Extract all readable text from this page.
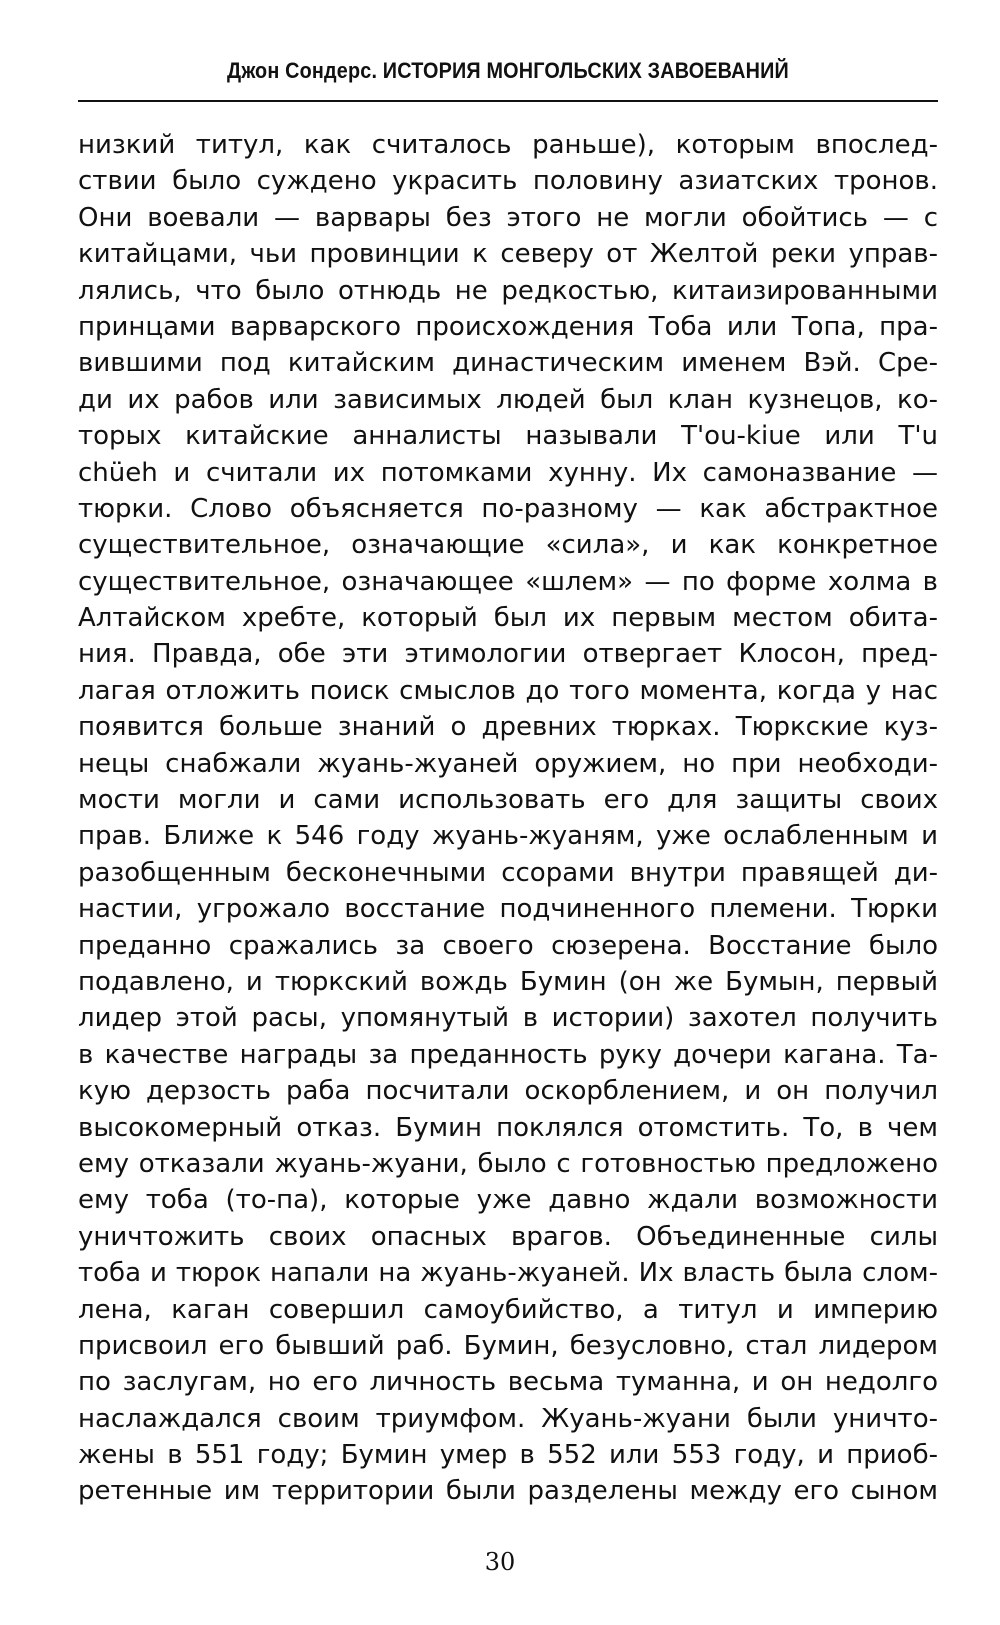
Джон Сондерс. ИСТОРИЯ МОНГОЛЬСКИХ ЗАВОЕВАНИЙ
низкий титул, как считалось раньше), которым впослед-
ствии было суждено украсить половину азиатских тронов.
Они воевали — варвары без этого не могли обойтись — с
китайцами, чьи провинции к северу от Желтой реки управ-
лялись, что было отнюдь не редкостью, китаизированными
принцами варварского происхождения Тоба или Топа, пра-
вившими под китайским династическим именем Вэй. Сре-
ди их рабов или зависимых людей был клан кузнецов, ко-
торых китайские анналисты называли T'ou-kiue или T'u
chüeh и считали их потомками хунну. Их самоназвание —
тюрки. Слово объясняется по-разному — как абстрактное
существительное, означающие «сила», и как конкретное
существительное, означающее «шлем» — по форме холма в
Алтайском хребте, который был их первым местом обита-
ния. Правда, обе эти этимологии отвергает Клосон, пред-
лагая отложить поиск смыслов до того момента, когда у нас
появится больше знаний о древних тюрках. Тюркские куз-
нецы снабжали жуань-жуаней оружием, но при необходи-
мости могли и сами использовать его для защиты своих
прав. Ближе к 546 году жуань-жуаням, уже ослабленным и
разобщенным бесконечными ссорами внутри правящей ди-
настии, угрожало восстание подчиненного племени. Тюрки
преданно сражались за своего сюзерена. Восстание было
подавлено, и тюркский вождь Бумин (он же Бумын, первый
лидер этой расы, упомянутый в истории) захотел получить
в качестве награды за преданность руку дочери кагана. Та-
кую дерзость раба посчитали оскорблением, и он получил
высокомерный отказ. Бумин поклялся отомстить. То, в чем
ему отказали жуань-жуани, было с готовностью предложено
ему тоба (то-па), которые уже давно ждали возможности
уничтожить своих опасных врагов. Объединенные силы
тоба и тюрок напали на жуань-жуаней. Их власть была слом-
лена, каган совершил самоубийство, а титул и империю
присвоил его бывший раб. Бумин, безусловно, стал лидером
по заслугам, но его личность весьма туманна, и он недолго
наслаждался своим триумфом. Жуань-жуани были уничто-
жены в 551 году; Бумин умер в 552 или 553 году, и приоб-
ретенные им территории были разделены между его сыном
30
